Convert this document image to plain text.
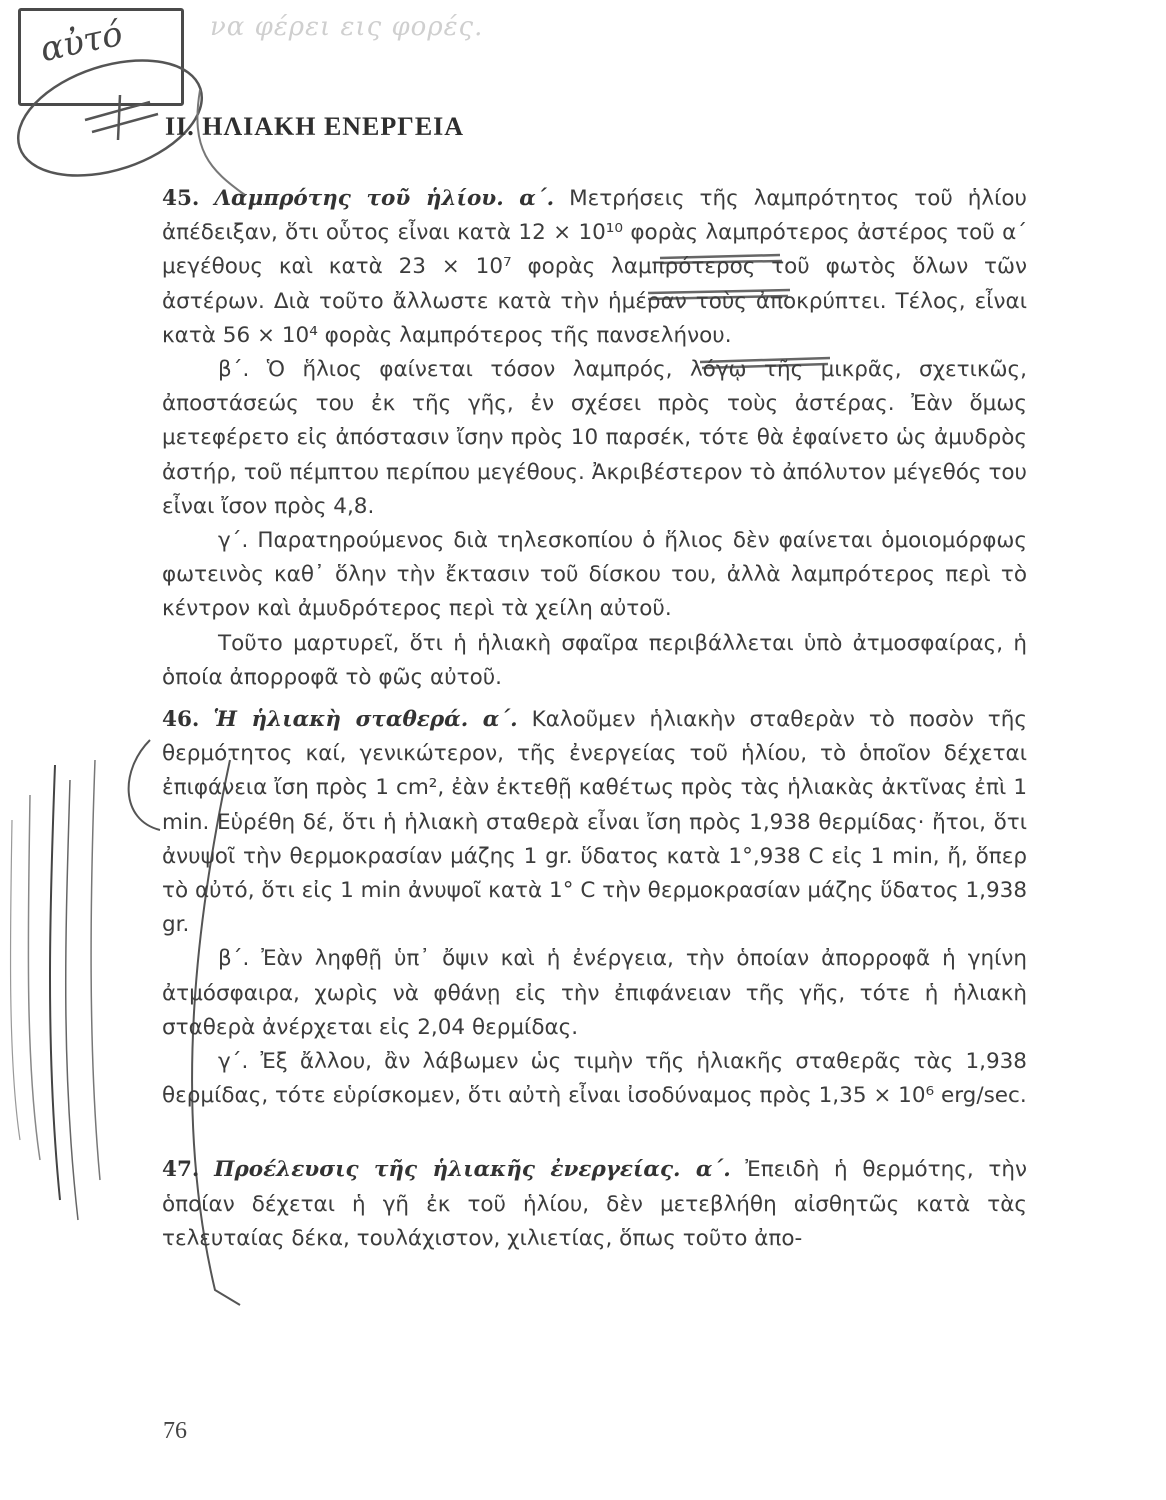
αὐτό	να φέρει εις φορές.
ΙΙ. ΗΛΙΑΚΗ ΕΝΕΡΓΕΙΑ

45. Λαμπρότης τοῦ ἡλίου. α΄. Μετρήσεις τῆς λαμπρότητος τοῦ ἡλίου ἀπέδειξαν, ὅτι οὗτος εἶναι κατὰ 12 × 10¹⁰ φορὰς λαμπρότερος ἀστέρος τοῦ α΄ μεγέθους καὶ κατὰ 23 × 10⁷ φορὰς λαμπρότερος τοῦ φωτὸς ὅλων τῶν ἀστέρων. Διὰ τοῦτο ἄλλωστε κατὰ τὴν ἡμέραν τοὺς ἀποκρύπτει. Τέλος, εἶναι κατὰ 56 × 10⁴ φορὰς λαμπρότερος τῆς πανσελήνου.

β΄. Ὁ ἥλιος φαίνεται τόσον λαμπρός, λόγῳ τῆς μικρᾶς, σχετικῶς, ἀποστάσεώς του ἐκ τῆς γῆς, ἐν σχέσει πρὸς τοὺς ἀστέρας. Ἐὰν ὅμως μετεφέρετο εἰς ἀπόστασιν ἴσην πρὸς 10 παρσέκ, τότε θὰ ἐφαίνετο ὡς ἀμυδρὸς ἀστήρ, τοῦ πέμπτου περίπου μεγέθους. Ἀκριβέστερον τὸ ἀπόλυτον μέγεθός του εἶναι ἴσον πρὸς 4,8.

γ΄. Παρατηρούμενος διὰ τηλεσκοπίου ὁ ἥλιος δὲν φαίνεται ὁμοιομόρφως φωτεινὸς καθ᾿ ὅλην τὴν ἔκτασιν τοῦ δίσκου του, ἀλλὰ λαμπρότερος περὶ τὸ κέντρον καὶ ἀμυδρότερος περὶ τὰ χείλη αὐτοῦ.

Τοῦτο μαρτυρεῖ, ὅτι ἡ ἡλιακὴ σφαῖρα περιβάλλεται ὑπὸ ἀτμοσφαίρας, ἡ ὁποία ἀπορροφᾶ τὸ φῶς αὐτοῦ.

46. Ἡ ἡλιακὴ σταθερά. α΄. Καλοῦμεν ἡλιακὴν σταθερὰν τὸ ποσὸν τῆς θερμότητος καί, γενικώτερον, τῆς ἐνεργείας τοῦ ἡλίου, τὸ ὁποῖον δέχεται ἐπιφάνεια ἴση πρὸς 1 cm², ἐὰν ἐκτεθῇ καθέτως πρὸς τὰς ἡλιακὰς ἀκτῖνας ἐπὶ 1 min. Εὑρέθη δέ, ὅτι ἡ ἡλιακὴ σταθερὰ εἶναι ἴση πρὸς 1,938 θερμίδας· ἤτοι, ὅτι ἀνυψοῖ τὴν θερμοκρασίαν μάζης 1 gr. ὕδατος κατὰ 1°,938 C εἰς 1 min, ἤ, ὅπερ τὸ αὐτό, ὅτι εἰς 1 min ἀνυψοῖ κατὰ 1° C τὴν θερμοκρασίαν μάζης ὕδατος 1,938 gr.

β΄. Ἐὰν ληφθῇ ὑπ᾿ ὄψιν καὶ ἡ ἐνέργεια, τὴν ὁποίαν ἀπορροφᾶ ἡ γηίνη ἀτμόσφαιρα, χωρὶς νὰ φθάνῃ εἰς τὴν ἐπιφάνειαν τῆς γῆς, τότε ἡ ἡλιακὴ σταθερὰ ἀνέρχεται εἰς 2,04 θερμίδας.

γ΄. Ἐξ ἄλλου, ἂν λάβωμεν ὡς τιμὴν τῆς ἡλιακῆς σταθερᾶς τὰς 1,938 θερμίδας, τότε εὑρίσκομεν, ὅτι αὐτὴ εἶναι ἰσοδύναμος πρὸς 1,35 × 10⁶ erg/sec.

47. Προέλευσις τῆς ἡλιακῆς ἐνεργείας. α΄. Ἐπειδὴ ἡ θερμότης, τὴν ὁποίαν δέχεται ἡ γῆ ἐκ τοῦ ἡλίου, δὲν μετεβλήθη αἰσθητῶς κατὰ τὰς τελευταίας δέκα, τουλάχιστον, χιλιετίας, ὅπως τοῦτο ἀπο-

76
